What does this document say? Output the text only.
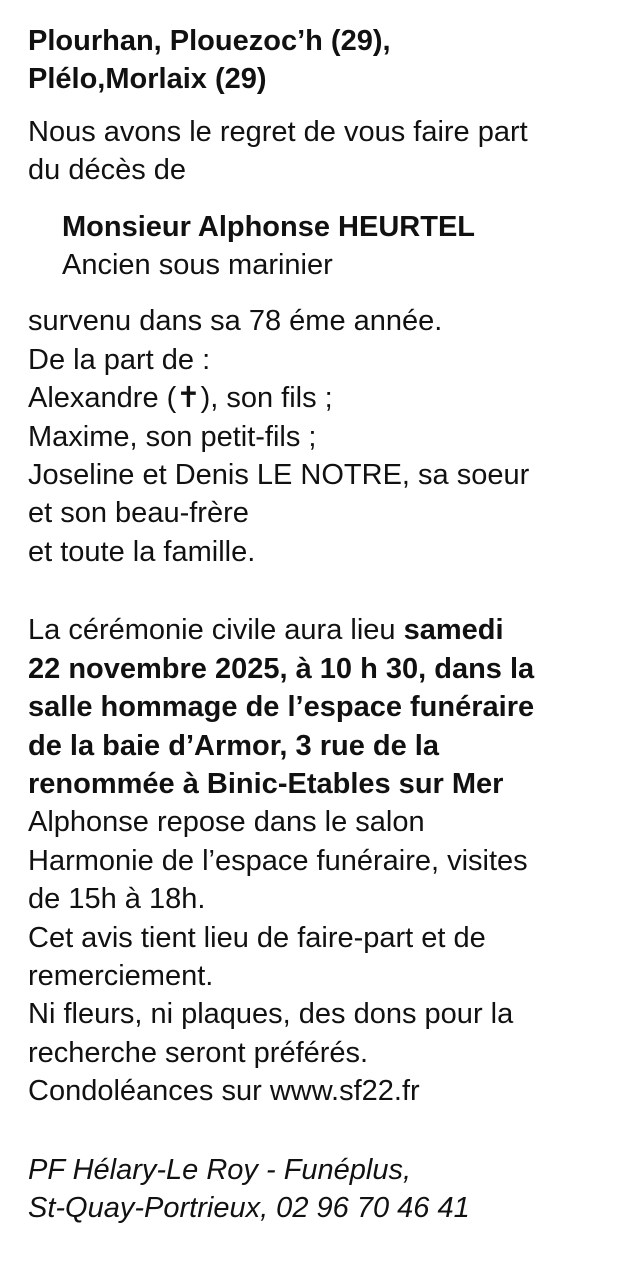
Plourhan, Plouezoc’h (29),
Plélo,Morlaix (29)
Nous avons le regret de vous faire part
du décès de
Monsieur Alphonse HEURTEL
Ancien sous marinier
survenu dans sa 78 éme année.
De la part de :
Alexandre (✝), son fils ;
Maxime, son petit-fils ;
Joseline et Denis LE NOTRE, sa soeur
et son beau-frère
et toute la famille.
La cérémonie civile aura lieu samedi
22 novembre 2025, à 10 h 30, dans la
salle hommage de l’espace funéraire
de la baie d’Armor, 3 rue de la
renommée à Binic-Etables sur Mer
Alphonse repose dans le salon
Harmonie de l’espace funéraire, visites
de 15h à 18h.
Cet avis tient lieu de faire-part et de
remerciement.
Ni fleurs, ni plaques, des dons pour la
recherche seront préférés.
Condoléances sur www.sf22.fr
PF Hélary-Le Roy - Funéplus,
St-Quay-Portrieux, 02 96 70 46 41
